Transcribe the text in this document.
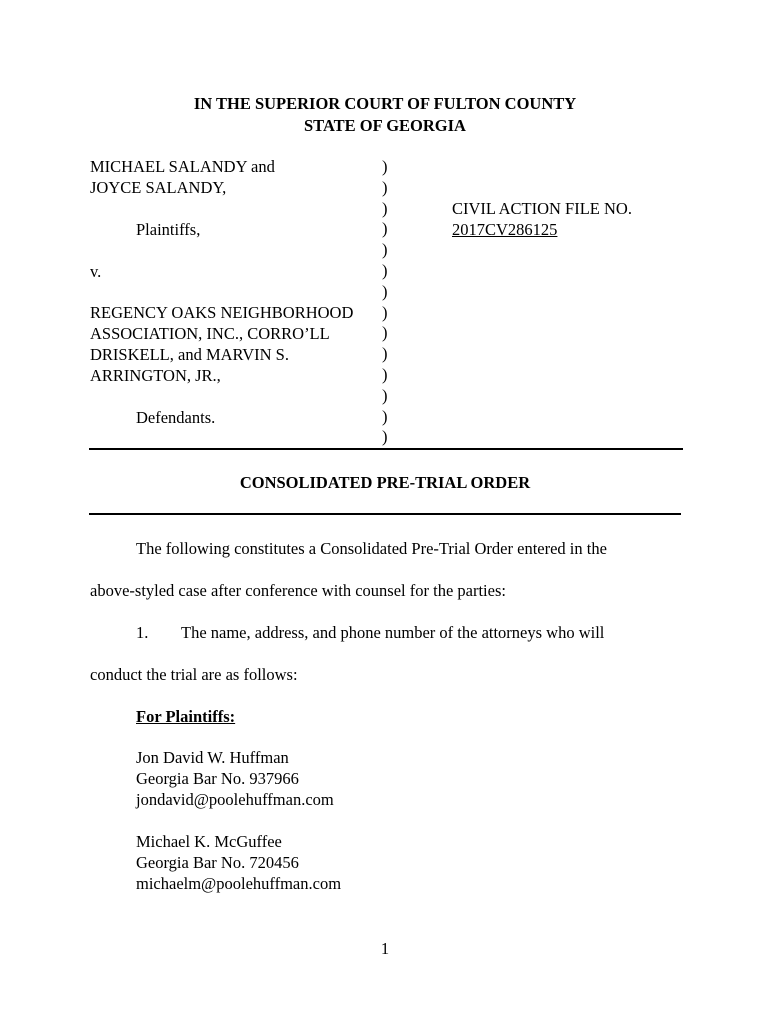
IN THE SUPERIOR COURT OF FULTON COUNTY
STATE OF GEORGIA
MICHAEL SALANDY and
JOYCE SALANDY,
Plaintiffs,
v.
REGENCY OAKS NEIGHBORHOOD
ASSOCIATION, INC., CORRO’LL
DRISKELL, and MARVIN S.
ARRINGTON, JR.,
Defendants.
)
)
)
)
)
)
)
)
)
)
)
)
)
)
CIVIL ACTION FILE NO.
2017CV286125
CONSOLIDATED PRE-TRIAL ORDER
The following constitutes a Consolidated Pre-Trial Order entered in the
above-styled case after conference with counsel for the parties:
1. The name, address, and phone number of the attorneys who will
conduct the trial are as follows:
For Plaintiffs:
Jon David W. Huffman
Georgia Bar No. 937966
jondavid@poolehuffman.com
Michael K. McGuffee
Georgia Bar No. 720456
michaelm@poolehuffman.com
1
